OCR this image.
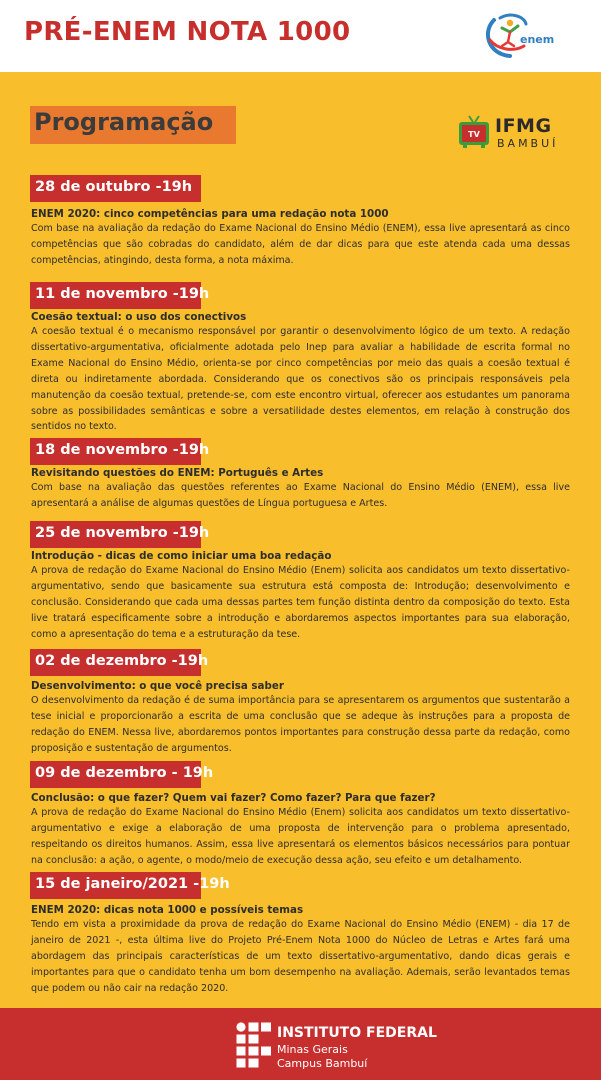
PRÉ-ENEM NOTA 1000	enem
Programação	TV IFMG
BAMBUÍ
28 de outubro -19h
ENEM 2020: cinco competências para uma redação nota 1000
Com base na avaliação da redação do Exame Nacional do Ensino Médio (ENEM), essa live apresentará as cinco competências que são cobradas do candidato, além de dar dicas para que este atenda cada uma dessas competências, atingindo, desta forma, a nota máxima.
11 de novembro -19h
Coesão textual: o uso dos conectivos
A coesão textual é o mecanismo responsável por garantir o desenvolvimento lógico de um texto. A redação dissertativo-argumentativa, oficialmente adotada pelo Inep para avaliar a habilidade de escrita formal no Exame Nacional do Ensino Médio, orienta-se por cinco competências por meio das quais a coesão textual é direta ou indiretamente abordada. Considerando que os conectivos são os principais responsáveis pela manutenção da coesão textual, pretende-se, com este encontro virtual, oferecer aos estudantes um panorama sobre as possibilidades semânticas e sobre a versatilidade destes elementos, em relação à construção dos sentidos no texto.
18 de novembro -19h
Revisitando questões do ENEM: Português e Artes
Com base na avaliação das questões referentes ao Exame Nacional do Ensino Médio (ENEM), essa live apresentará a análise de algumas questões de Língua portuguesa e Artes.
25 de novembro -19h
Introdução - dicas de como iniciar uma boa redação
A prova de redação do Exame Nacional do Ensino Médio (Enem) solicita aos candidatos um texto dissertativo-argumentativo, sendo que basicamente sua estrutura está composta de: Introdução; desenvolvimento e conclusão. Considerando que cada uma dessas partes tem função distinta dentro da composição do texto. Esta live tratará especificamente sobre a introdução e abordaremos aspectos importantes para sua elaboração, como a apresentação do tema e a estruturação da tese.
02 de dezembro -19h
Desenvolvimento: o que você precisa saber
O desenvolvimento da redação é de suma importância para se apresentarem os argumentos que sustentarão a tese inicial e proporcionarão a escrita de uma conclusão que se adeque às instruções para a proposta de redação do ENEM. Nessa live, abordaremos pontos importantes para construção dessa parte da redação, como proposição e sustentação de argumentos.
09 de dezembro - 19h
Conclusão: o que fazer? Quem vai fazer? Como fazer? Para que fazer?
A prova de redação do Exame Nacional do Ensino Médio (Enem) solicita aos candidatos um texto dissertativo-argumentativo e exige a elaboração de uma proposta de intervenção para o problema apresentado, respeitando os direitos humanos. Assim, essa live apresentará os elementos básicos necessários para pontuar na conclusão: a ação, o agente, o modo/meio de execução dessa ação, seu efeito e um detalhamento.
15 de janeiro/2021 -19h
ENEM 2020: dicas nota 1000 e possíveis temas
Tendo em vista a proximidade da prova de redação do Exame Nacional do Ensino Médio (ENEM) - dia 17 de janeiro de 2021 -, esta última live do Projeto Pré-Enem Nota 1000 do Núcleo de Letras e Artes fará uma abordagem das principais características de um texto dissertativo-argumentativo, dando dicas gerais e importantes para que o candidato tenha um bom desempenho na avaliação. Ademais, serão levantados temas que podem ou não cair na redação 2020.
INSTITUTO FEDERAL
Minas Gerais
Campus Bambuí
